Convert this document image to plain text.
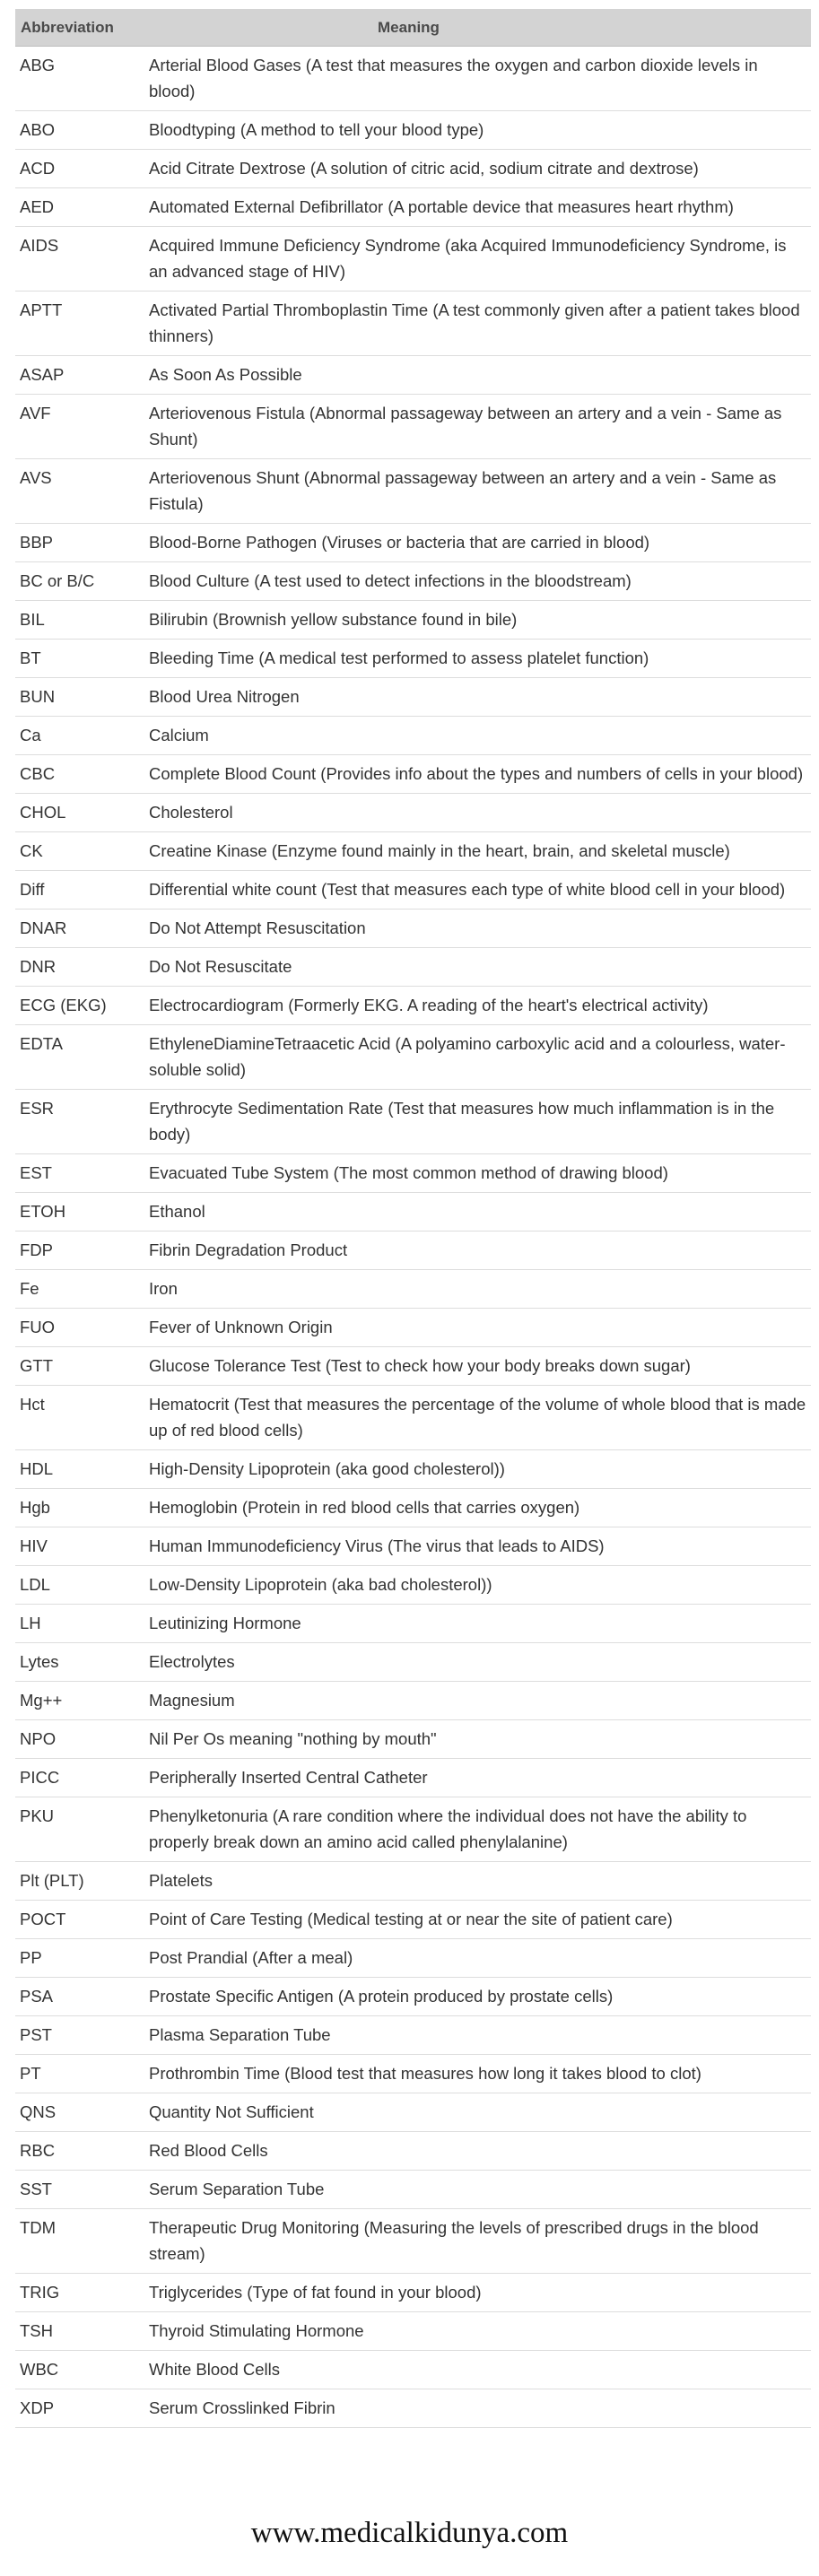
Abbreviation	Meaning
ABG	Arterial Blood Gases (A test that measures the oxygen and carbon dioxide levels in blood)
ABO	Bloodtyping (A method to tell your blood type)
ACD	Acid Citrate Dextrose (A solution of citric acid, sodium citrate and dextrose)
AED	Automated External Defibrillator (A portable device that measures heart rhythm)
AIDS	Acquired Immune Deficiency Syndrome (aka Acquired Immunodeficiency Syndrome, is an advanced stage of HIV)
APTT	Activated Partial Thromboplastin Time (A test commonly given after a patient takes blood thinners)
ASAP	As Soon As Possible
AVF	Arteriovenous Fistula (Abnormal passageway between an artery and a vein - Same as Shunt)
AVS	Arteriovenous Shunt (Abnormal passageway between an artery and a vein - Same as Fistula)
BBP	Blood-Borne Pathogen (Viruses or bacteria that are carried in blood)
BC or B/C	Blood Culture (A test used to detect infections in the bloodstream)
BIL	Bilirubin (Brownish yellow substance found in bile)
BT	Bleeding Time (A medical test performed to assess platelet function)
BUN	Blood Urea Nitrogen
Ca	Calcium
CBC	Complete Blood Count (Provides info about the types and numbers of cells in your blood)
CHOL	Cholesterol
CK	Creatine Kinase (Enzyme found mainly in the heart, brain, and skeletal muscle)
Diff	Differential white count (Test that measures each type of white blood cell in your blood)
DNAR	Do Not Attempt Resuscitation
DNR	Do Not Resuscitate
ECG (EKG)	Electrocardiogram (Formerly EKG. A reading of the heart's electrical activity)
EDTA	EthyleneDiamineTetraacetic Acid (A polyamino carboxylic acid and a colourless, water-soluble solid)
ESR	Erythrocyte Sedimentation Rate (Test that measures how much inflammation is in the body)
EST	Evacuated Tube System (The most common method of drawing blood)
ETOH	Ethanol
FDP	Fibrin Degradation Product
Fe	Iron
FUO	Fever of Unknown Origin
GTT	Glucose Tolerance Test (Test to check how your body breaks down sugar)
Hct	Hematocrit (Test that measures the percentage of the volume of whole blood that is made up of red blood cells)
HDL	High-Density Lipoprotein (aka good cholesterol))
Hgb	Hemoglobin (Protein in red blood cells that carries oxygen)
HIV	Human Immunodeficiency Virus (The virus that leads to AIDS)
LDL	Low-Density Lipoprotein (aka bad cholesterol))
LH	Leutinizing Hormone
Lytes	Electrolytes
Mg++	Magnesium
NPO	Nil Per Os meaning "nothing by mouth"
PICC	Peripherally Inserted Central Catheter
PKU	Phenylketonuria (A rare condition where the individual does not have the ability to properly break down an amino acid called phenylalanine)
Plt (PLT)	Platelets
POCT	Point of Care Testing (Medical testing at or near the site of patient care)
PP	Post Prandial (After a meal)
PSA	Prostate Specific Antigen (A protein produced by prostate cells)
PST	Plasma Separation Tube
PT	Prothrombin Time (Blood test that measures how long it takes blood to clot)
QNS	Quantity Not Sufficient
RBC	Red Blood Cells
SST	Serum Separation Tube
TDM	Therapeutic Drug Monitoring (Measuring the levels of prescribed drugs in the blood stream)
TRIG	Triglycerides (Type of fat found in your blood)
TSH	Thyroid Stimulating Hormone
WBC	White Blood Cells
XDP	Serum Crosslinked Fibrin
www.medicalkidunya.com
